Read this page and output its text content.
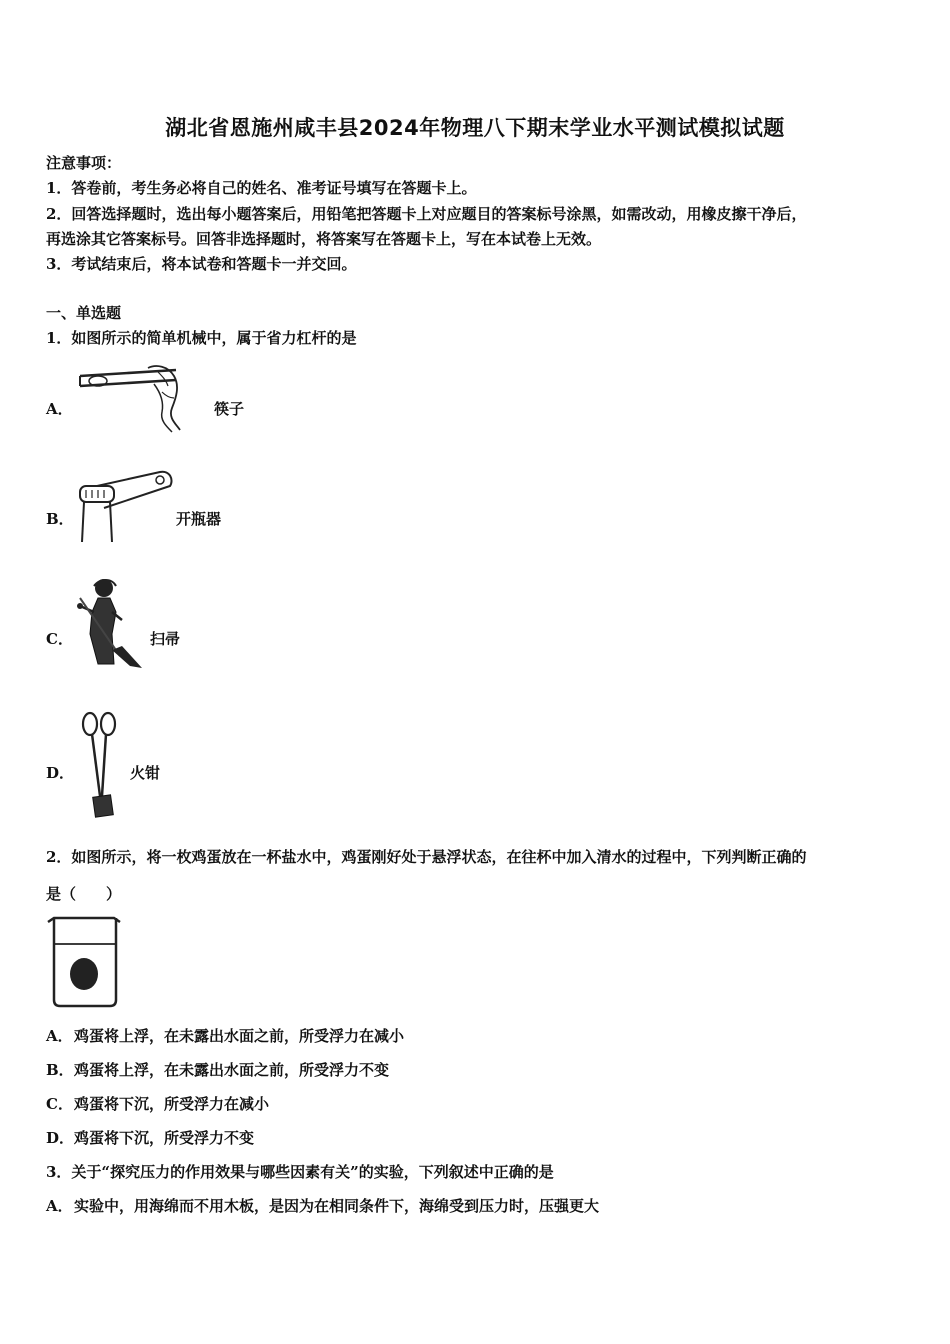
湖北省恩施州咸丰县2024年物理八下期末学业水平测试模拟试题
注意事项：
1．答卷前，考生务必将自己的姓名、准考证号填写在答题卡上。
2．回答选择题时，选出每小题答案后，用铅笔把答题卡上对应题目的答案标号涂黑，如需改动，用橡皮擦干净后，
再选涂其它答案标号。回答非选择题时，将答案写在答题卡上，写在本试卷上无效。
3．考试结束后，将本试卷和答题卡一并交回。
一、单选题
1．如图所示的简单机械中，属于省力杠杆的是
A．	筷子
B．	开瓶器
C．	扫帚
D．	火钳
2．如图所示，将一枚鸡蛋放在一杯盐水中，鸡蛋刚好处于悬浮状态，在往杯中加入清水的过程中，下列判断正确的
是（　　）
A． 鸡蛋将上浮，在未露出水面之前，所受浮力在减小
B． 鸡蛋将上浮，在未露出水面之前，所受浮力不变
C． 鸡蛋将下沉，所受浮力在减小
D． 鸡蛋将下沉，所受浮力不变
3．关于“探究压力的作用效果与哪些因素有关”的实验，下列叙述中正确的是
A． 实验中，用海绵而不用木板，是因为在相同条件下，海绵受到压力时，压强更大
